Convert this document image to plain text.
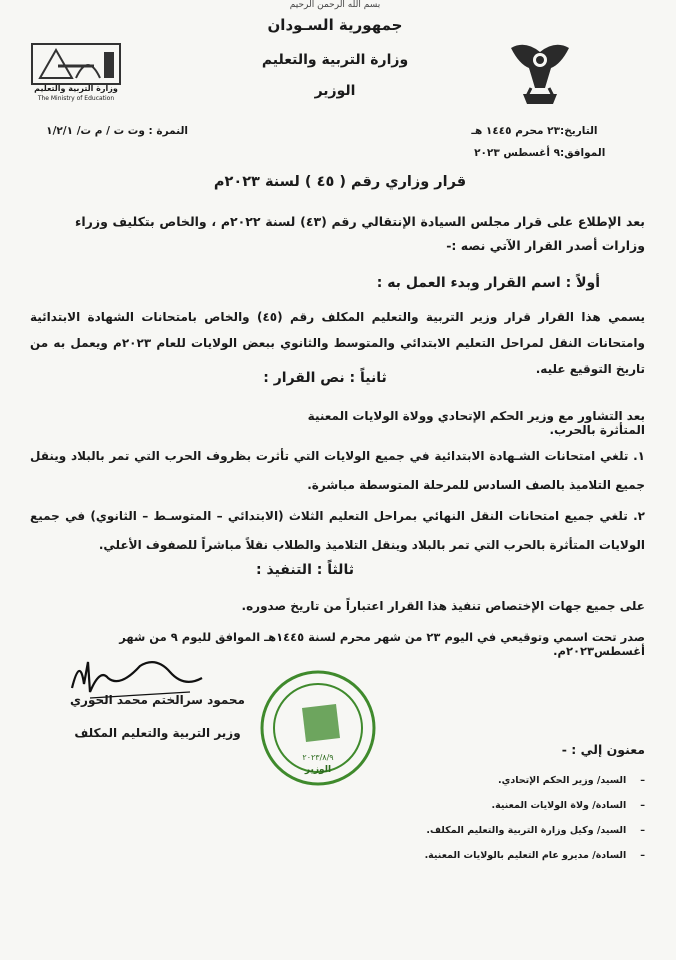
بسم الله الرحمن الرحيم
جمهورية السـودان
وزارة التربية والتعليم
الوزير
وزارة التربية والتعليم
The Ministry of Education
التاريخ:
٢٣ محرم ١٤٤٥ هـ
الموافق:
٩ أغسطس ٢٠٢٣
النمرة : وت ت / م ت/ ١/٢/١
قرار وزاري رقم ( ٤٥ ) لسنة ٢٠٢٣م
بعد الإطلاع على قرار مجلس السيادة الإنتقالي رقم (٤٣) لسنة ٢٠٢٢م ، والخاص بتكليف وزراء وزارات أصدر القرار الآتي نصه :-
أولاً : اسم القرار وبدء العمل به :
يسمي هذا القرار قرار وزير التربية والتعليم المكلف رقم (٤٥) والخاص بامتحانات الشهادة الابتدائية وامتحانات النقل لمراحل التعليم الابتدائي والمتوسط والثانوي ببعض الولايات للعام ٢٠٢٣م ويعمل به من تاريخ التوقيع عليه.
ثانياً : نص القرار :
بعد التشاور مع وزير الحكم الإتحادي وولاة الولايات المعنية المتأثرة بالحرب.
١. تلغي امتحانات الشـهادة الابتدائية في جميع الولايات التي تأثرت بظروف الحرب التي تمر بالبلاد وينقل جميع التلاميذ بالصف السادس للمرحلة المتوسطة مباشرة.
٢. تلغي جميع امتحانات النقل النهائي بمراحل التعليم الثلاث (الابتدائي – المتوسـط – الثانوي) في جميع الولايات المتأثرة بالحرب التي تمر بالبلاد وينقل التلاميذ والطلاب نقلاً مباشراً للصفوف الأعلي.
ثالثاً : التنفيذ :
على جميع جهات الإختصاص تنفيذ هذا القرار اعتباراً من تاريخ صدوره.
صدر تحت اسمي وتوقيعي في اليوم ٢٣ من شهر محرم لسنة ١٤٤٥هـ الموافق لليوم ٩ من شهر أغسطس٢٠٢٣م.
محمود سرالختم محمد الحوري
وزير التربية والتعليم المكلف
٢٠٢٣/٨/٩
الوزير
معنون إلي : -
– السيد/ وزير الحكم الإتحادي.
– السادة/ ولاة الولايات المعنية.
– السيد/ وكيل وزارة التربية والتعليم المكلف.
– السادة/ مديرو عام التعليم بالولايات المعنية.
